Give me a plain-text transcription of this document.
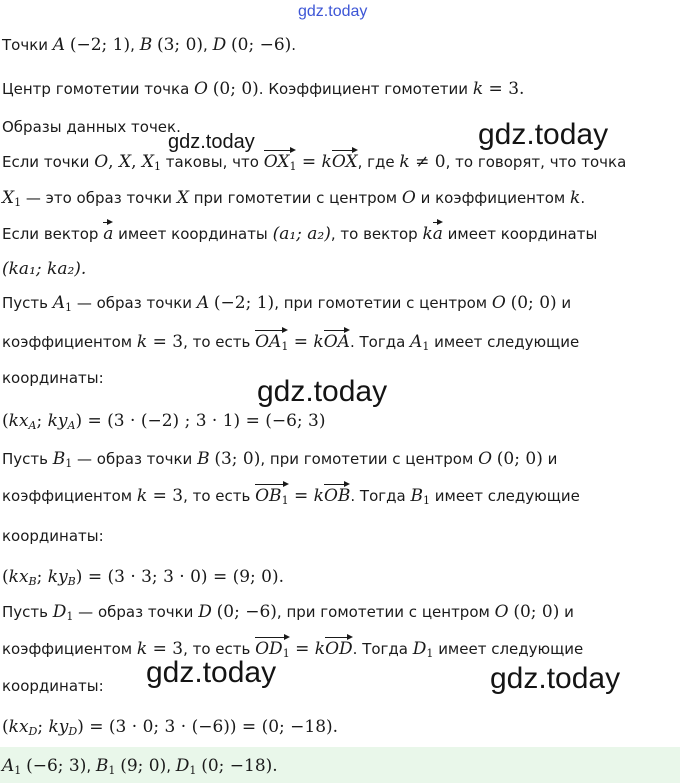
gdz.today
gdz.today	gdz.today
gdz.today
gdz.today	gdz.today
Точки A (−2; 1), B (3; 0), D (0; −6).
Центр гомотетии точка O (0; 0). Коэффициент гомотетии k = 3.
Образы данных точек.
Если точки O, X, $X_1$ таковы, что $OX_1$ = kOX, где k ≠ 0, то говорят, что точка
$X_1$ — это образ точки X при гомотетии с центром O и коэффициентом k.
Если вектор a имеет координаты (a₁; a₂), то вектор ka имеет координаты
(ka₁; ka₂).
Пусть $A_1$ — образ точки A (−2; 1), при гомотетии с центром O (0; 0) и
коэффициентом k = 3, то есть $OA_1$ = kOA. Тогда $A_1$ имеет следующие
координаты:
(kxA; kyA) = (3 · (−2) ; 3 · 1) = (−6; 3)
Пусть $B_1$ — образ точки B (3; 0), при гомотетии с центром O (0; 0) и
коэффициентом k = 3, то есть $OB_1$ = kOB. Тогда $B_1$ имеет следующие
координаты:
(kxB; kyB) = (3 · 3; 3 · 0) = (9; 0).
Пусть $D_1$ — образ точки D (0; −6), при гомотетии с центром O (0; 0) и
коэффициентом k = 3, то есть $OD_1$ = kOD. Тогда $D_1$ имеет следующие
координаты:
(kxD; kyD) = (3 · 0; 3 · (−6)) = (0; −18).
$A_1$ (−6; 3), $B_1$ (9; 0), $D_1$ (0; −18).
